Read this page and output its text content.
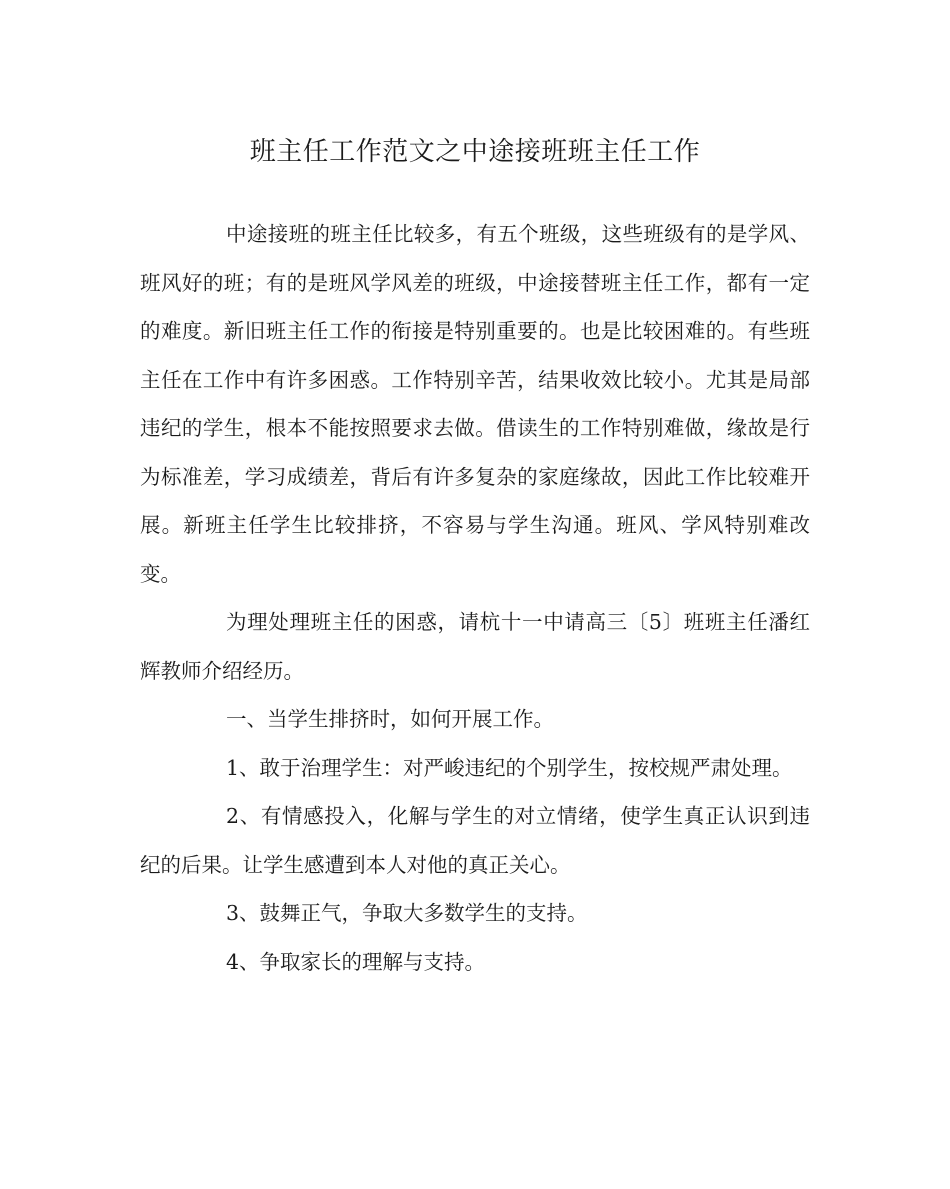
班主任工作范文之中途接班班主任工作

中途接班的班主任比较多，有五个班级，这些班级有的是学风、班风好的班；有的是班风学风差的班级，中途接替班主任工作，都有一定的难度。新旧班主任工作的衔接是特别重要的。也是比较困难的。有些班主任在工作中有许多困惑。工作特别辛苦，结果收效比较小。尤其是局部违纪的学生，根本不能按照要求去做。借读生的工作特别难做，缘故是行为标准差，学习成绩差，背后有许多复杂的家庭缘故，因此工作比较难开展。新班主任学生比较排挤，不容易与学生沟通。班风、学风特别难改变。

为理处理班主任的困惑，请杭十一中请高三〔5〕班班主任潘红辉教师介绍经历。

一、当学生排挤时，如何开展工作。

1、敢于治理学生：对严峻违纪的个别学生，按校规严肃处理。

2、有情感投入，化解与学生的对立情绪，使学生真正认识到违纪的后果。让学生感遭到本人对他的真正关心。

3、鼓舞正气，争取大多数学生的支持。

4、争取家长的理解与支持。
